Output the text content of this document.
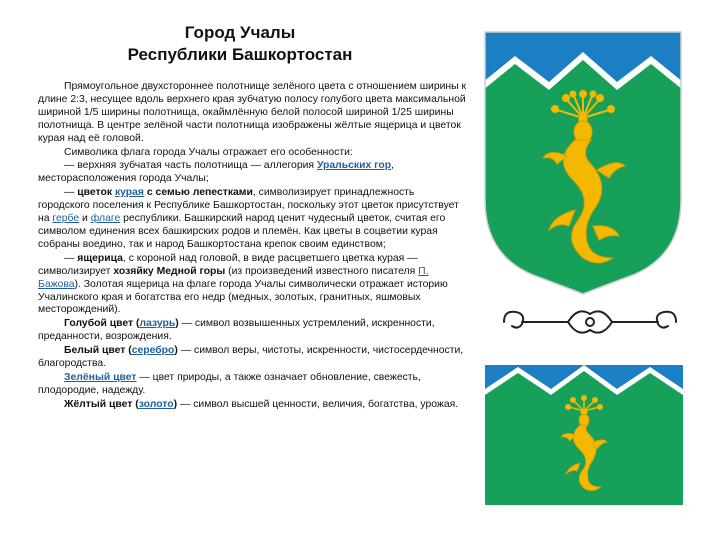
Город Учалы
Республики Башкортостан

Прямоугольное двухстороннее полотнище зелёного цвета с отношением ширины к длине 2:3, несущее вдоль верхнего края зубчатую полосу голубого цвета максимальной шириной 1/5 ширины полотнища, окаймлённую белой полосой шириной 1/25 ширины полотнища. В центре зелёной части полотнища изображены жёлтые ящерица и цветок курая над её головой.

Символика флага города Учалы отражает его особенности:

— верхняя зубчатая часть полотнища — аллегория Уральских гор, месторасположения города Учалы;

— цветок курая с семью лепестками, символизирует принадлежность городского поселения к Республике Башкортостан, поскольку этот цветок присутствует на гербе и флаге республики. Башкирский народ ценит чудесный цветок, считая его символом единения всех башкирских родов и племён. Как цветы в соцветии курая собраны воедино, так и народ Башкортостана крепок своим единством;

— ящерица, с короной над головой, в виде расцветшего цветка курая — символизирует хозяйку Медной горы (из произведений известного писателя П. Бажова). Золотая ящерица на флаге города Учалы символически отражает историю Учалинского края и богатства его недр (медных, золотых, гранитных, яшмовых месторождений).

Голубой цвет (лазурь) — символ возвышенных устремлений, искренности, преданности, возрождения.

Белый цвет (серебро) — символ веры, чистоты, искренности, чистосердечности, благородства.

Зелёный цвет — цвет природы, а также означает обновление, свежесть, плодородие, надежду.

Жёлтый цвет (золото) — символ высшей ценности, величия, богатства, урожая.
